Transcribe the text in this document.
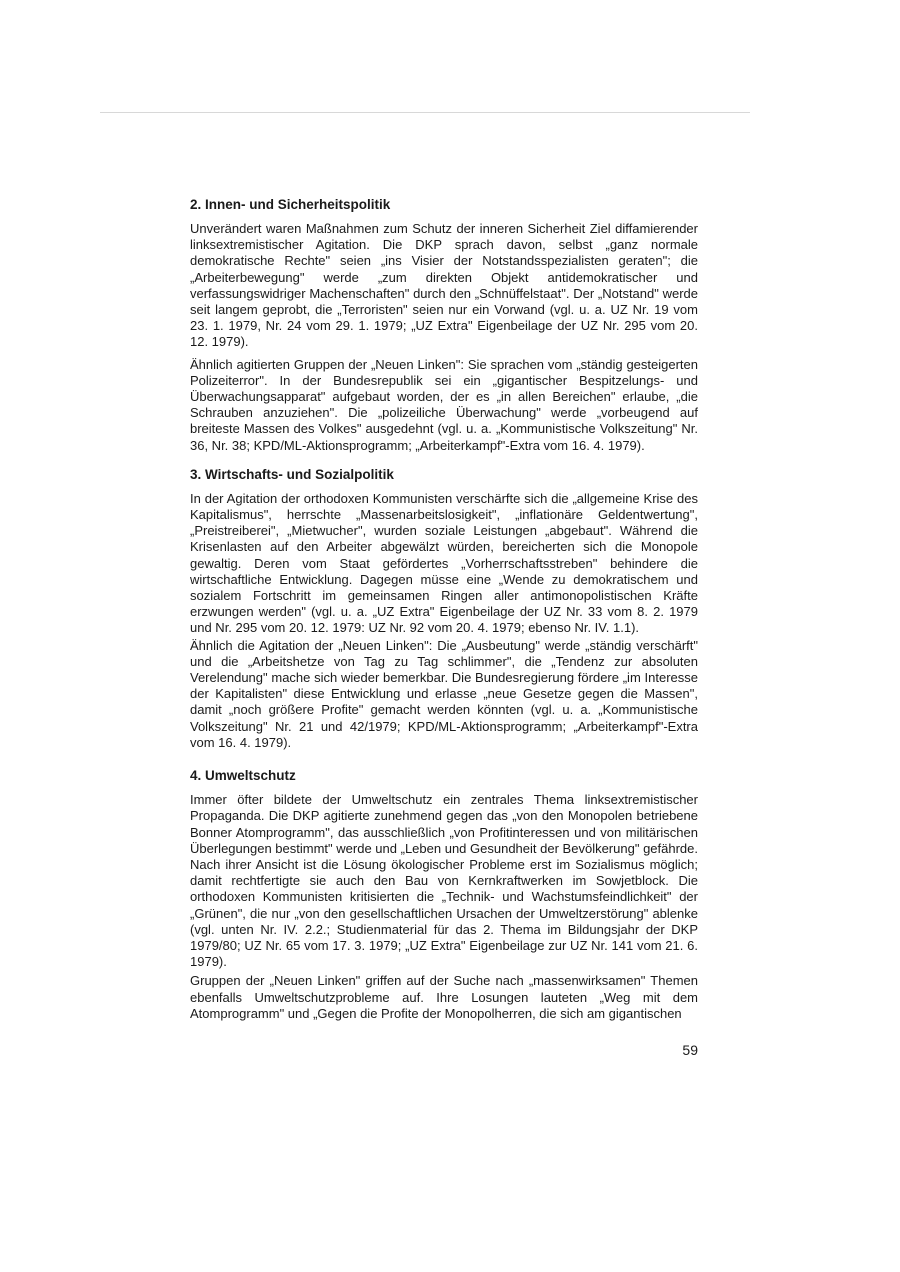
2. Innen- und Sicherheitspolitik

Unverändert waren Maßnahmen zum Schutz der inneren Sicherheit Ziel diffamierender linksextremistischer Agitation. Die DKP sprach davon, selbst „ganz normale demokratische Rechte" seien „ins Visier der Notstandsspezialisten geraten"; die „Arbeiterbewegung" werde „zum direkten Objekt antidemokratischer und verfassungswidriger Machenschaften" durch den „Schnüffelstaat". Der „Notstand" werde seit langem geprobt, die „Terroristen" seien nur ein Vorwand (vgl. u. a. UZ Nr. 19 vom 23. 1. 1979, Nr. 24 vom 29. 1. 1979; „UZ Extra" Eigenbeilage der UZ Nr. 295 vom 20. 12. 1979).

Ähnlich agitierten Gruppen der „Neuen Linken": Sie sprachen vom „ständig gesteigerten Polizeiterror". In der Bundesrepublik sei ein „gigantischer Bespitzelungs- und Überwachungsapparat" aufgebaut worden, der es „in allen Bereichen" erlaube, „die Schrauben anzuziehen". Die „polizeiliche Überwachung" werde „vorbeugend auf breiteste Massen des Volkes" ausgedehnt (vgl. u. a. „Kommunistische Volkszeitung" Nr. 36, Nr. 38; KPD/ML-Aktionsprogramm; „Arbeiterkampf"-Extra vom 16. 4. 1979).

3. Wirtschafts- und Sozialpolitik

In der Agitation der orthodoxen Kommunisten verschärfte sich die „allgemeine Krise des Kapitalismus", herrschte „Massenarbeitslosigkeit", „inflationäre Geldentwertung", „Preistreiberei", „Mietwucher", wurden soziale Leistungen „abgebaut". Während die Krisenlasten auf den Arbeiter abgewälzt würden, bereicherten sich die Monopole gewaltig. Deren vom Staat gefördertes „Vorherrschaftsstreben" behindere die wirtschaftliche Entwicklung. Dagegen müsse eine „Wende zu demokratischem und sozialem Fortschritt im gemeinsamen Ringen aller antimonopolistischen Kräfte erzwungen werden" (vgl. u. a. „UZ Extra" Eigenbeilage der UZ Nr. 33 vom 8. 2. 1979 und Nr. 295 vom 20. 12. 1979: UZ Nr. 92 vom 20. 4. 1979; ebenso Nr. IV. 1.1).

Ähnlich die Agitation der „Neuen Linken": Die „Ausbeutung" werde „ständig verschärft" und die „Arbeitshetze von Tag zu Tag schlimmer", die „Tendenz zur absoluten Verelendung" mache sich wieder bemerkbar. Die Bundesregierung fördere „im Interesse der Kapitalisten" diese Entwicklung und erlasse „neue Gesetze gegen die Massen", damit „noch größere Profite" gemacht werden könnten (vgl. u. a. „Kommunistische Volkszeitung" Nr. 21 und 42/1979; KPD/ML-Aktionsprogramm; „Arbeiterkampf"-Extra vom 16. 4. 1979).

4. Umweltschutz

Immer öfter bildete der Umweltschutz ein zentrales Thema linksextremistischer Propaganda. Die DKP agitierte zunehmend gegen das „von den Monopolen betriebene Bonner Atomprogramm", das ausschließlich „von Profitinteressen und von militärischen Überlegungen bestimmt" werde und „Leben und Gesundheit der Bevölkerung" gefährde. Nach ihrer Ansicht ist die Lösung ökologischer Probleme erst im Sozialismus möglich; damit rechtfertigte sie auch den Bau von Kernkraftwerken im Sowjetblock. Die orthodoxen Kommunisten kritisierten die „Technik- und Wachstumsfeindlichkeit" der „Grünen", die nur „von den gesellschaftlichen Ursachen der Umweltzerstörung" ablenke (vgl. unten Nr. IV. 2.2.; Studienmaterial für das 2. Thema im Bildungsjahr der DKP 1979/80; UZ Nr. 65 vom 17. 3. 1979; „UZ Extra" Eigenbeilage zur UZ Nr. 141 vom 21. 6. 1979).

Gruppen der „Neuen Linken" griffen auf der Suche nach „massenwirksamen" Themen ebenfalls Umweltschutzprobleme auf. Ihre Losungen lauteten „Weg mit dem Atomprogramm" und „Gegen die Profite der Monopolherren, die sich am gigantischen

59
